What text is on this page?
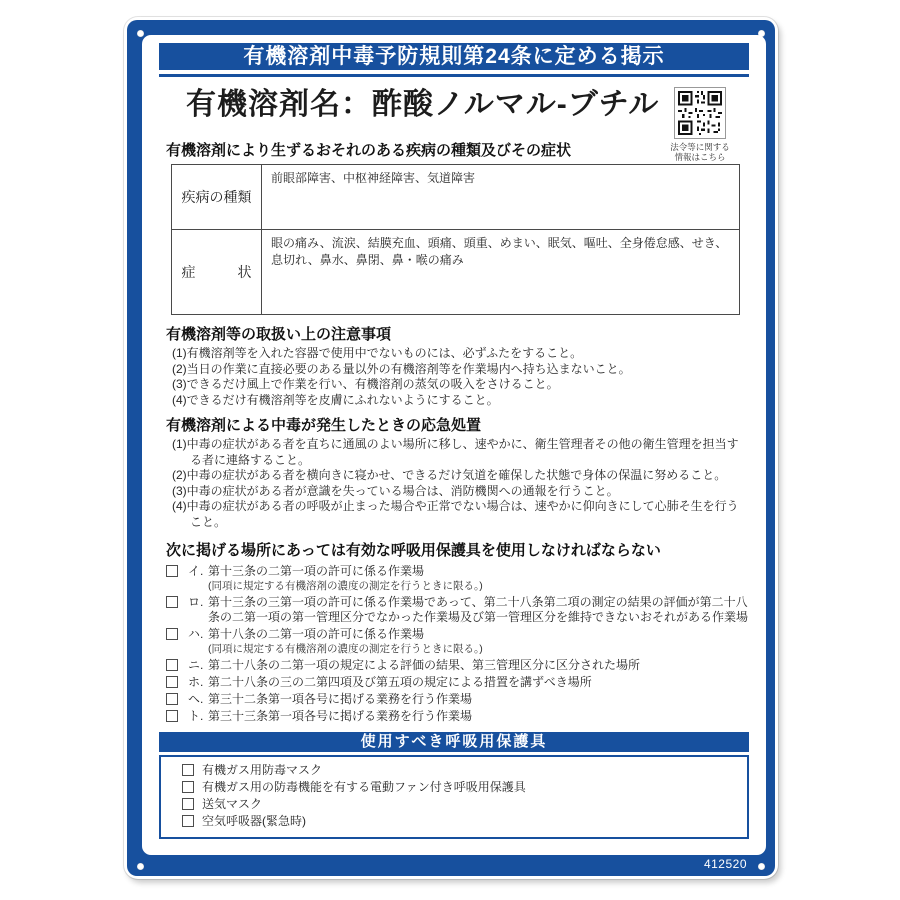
412520
有機溶剤中毒予防規則第24条に定める掲示
有機溶剤名：酢酸ノルマル-ブチル
法令等に関する
情報はこちら
有機溶剤により生ずるおそれのある疾病の種類及びその症状
疾病の種類	前眼部障害、中枢神経障害、気道障害
症　　　状	眼の痛み、流涙、結膜充血、頭痛、頭重、めまい、眠気、嘔吐、全身倦怠感、せき、息切れ、鼻水、鼻閉、鼻・喉の痛み
有機溶剤等の取扱い上の注意事項

(1)有機溶剤等を入れた容器で使用中でないものには、必ずふたをすること。

(2)当日の作業に直接必要のある量以外の有機溶剤等を作業場内へ持ち込まないこと。

(3)できるだけ風上で作業を行い、有機溶剤の蒸気の吸入をさけること。

(4)できるだけ有機溶剤等を皮膚にふれないようにすること。

有機溶剤による中毒が発生したときの応急処置

(1)中毒の症状がある者を直ちに通風のよい場所に移し、速やかに、衛生管理者その他の衛生管理を担当する者に連絡すること。

(2)中毒の症状がある者を横向きに寝かせ、できるだけ気道を確保した状態で身体の保温に努めること。

(3)中毒の症状がある者が意識を失っている場合は、消防機関への通報を行うこと。

(4)中毒の症状がある者の呼吸が止まった場合や正常でない場合は、速やかに仰向きにして心肺そ生を行うこと。

次に掲げる場所にあっては有効な呼吸用保護具を使用しなければならない

イ. 第十三条の二第一項の許可に係る作業場

(同項に規定する有機溶剤の濃度の測定を行うときに限る。)

ロ. 第十三条の三第一項の許可に係る作業場であって、第二十八条第二項の測定の結果の評価が第二十八条の二第一項の第一管理区分でなかった作業場及び第一管理区分を維持できないおそれがある作業場

ハ. 第十八条の二第一項の許可に係る作業場

(同項に規定する有機溶剤の濃度の測定を行うときに限る。)

ニ. 第二十八条の二第一項の規定による評価の結果、第三管理区分に区分された場所

ホ. 第二十八条の三の二第四項及び第五項の規定による措置を講ずべき場所

ヘ. 第三十二条第一項各号に掲げる業務を行う作業場

ト. 第三十三条第一項各号に掲げる業務を行う作業場

使用すべき呼吸用保護具
有機ガス用防毒マスク
有機ガス用の防毒機能を有する電動ファン付き呼吸用保護具
送気マスク
空気呼吸器(緊急時)
